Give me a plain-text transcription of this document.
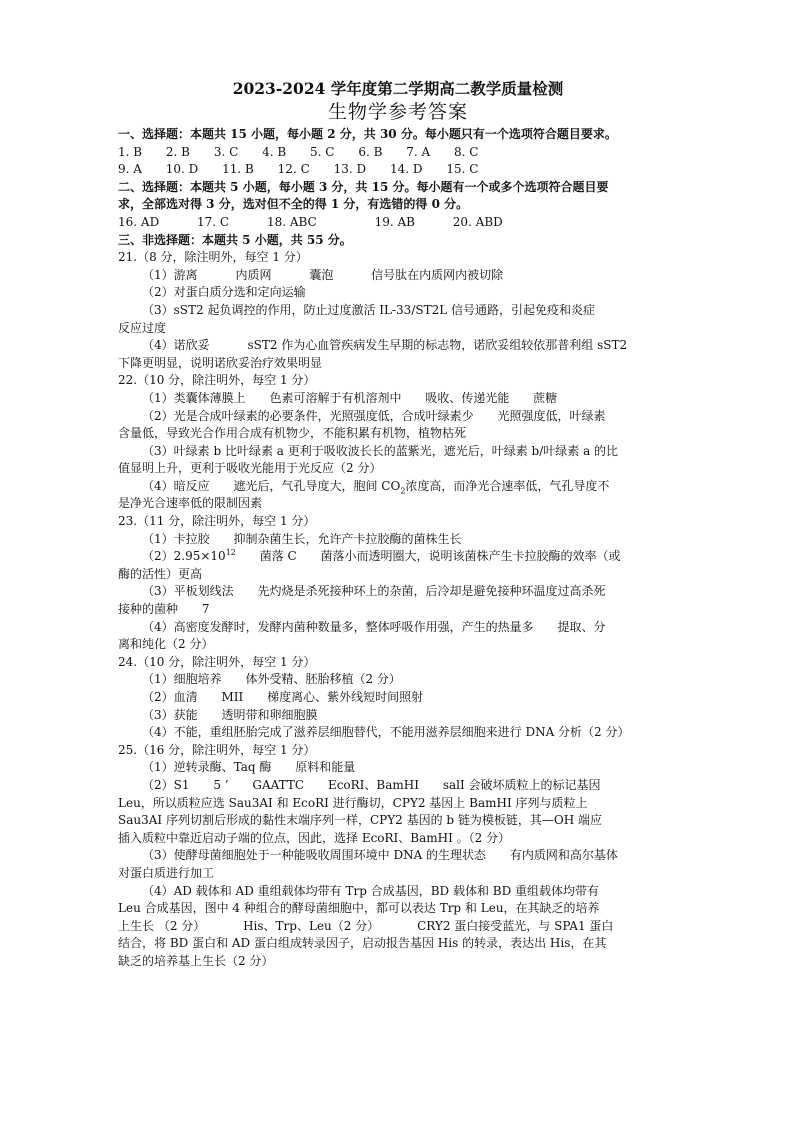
2023-2024 学年度第二学期高二教学质量检测

生物学参考答案

一、选择题：本题共 15 小题，每小题 2 分，共 30 分。每小题只有一个选项符合题目要求。

1. B 2. B 3. C 4. B 5. C 6. B 7. A 8. C

9. A 10. D 11. B 12. C 13. D 14. D 15. C

二、选择题：本题共 5 小题，每小题 3 分，共 15 分。每小题有一个或多个选项符合题目要

求，全部选对得 3 分，选对但不全的得 1 分，有选错的得 0 分。

16. AD	17. C	18. ABC	19. AB	20. ABD

三、非选择题：本题共 5 小题，共 55 分。

21.（8 分，除注明外，每空 1 分）

（1）游离	内质网	囊泡	信号肽在内质网内被切除

（2）对蛋白质分选和定向运输

（3）sST2 起负调控的作用，防止过度激活 IL-33/ST2L 信号通路，引起免疫和炎症

反应过度

（4）诺欣妥	sST2 作为心血管疾病发生早期的标志物，诺欣妥组较依那普利组 sST2

下降更明显，说明诺欣妥治疗效果明显

22.（10 分，除注明外，每空 1 分）

（1）类囊体薄膜上 色素可溶解于有机溶剂中 吸收、传递光能 蔗糖

（2）光是合成叶绿素的必要条件，光照强度低，合成叶绿素少 光照强度低，叶绿素

含量低，导致光合作用合成有机物少，不能积累有机物，植物枯死

（3）叶绿素 b 比叶绿素 a 更利于吸收波长长的蓝紫光，遮光后，叶绿素 b/叶绿素 a 的比

值显明上升，更利于吸收光能用于光反应（2 分）

（4）暗反应 遮光后，气孔导度大，胞间 $CO_2$浓度高，而净光合速率低，气孔导度不

是净光合速率低的限制因素

23.（11 分，除注明外，每空 1 分）

（1）卡拉胶 抑制杂菌生长，允许产卡拉胶酶的菌株生长

$(2)2.95\times 10^{12}$ 菌落 C 菌落小而透明圈大，说明该菌株产生卡拉胶酶的效率（或

酶的活性）更高

（3）平板划线法 先灼烧是杀死接种环上的杂菌，后冷却是避免接种环温度过高杀死

接种的菌种 7

（4）高密度发酵时，发酵内菌种数量多，整体呼吸作用强，产生的热量多 提取、分

离和纯化（2 分）

24.（10 分，除注明外，每空 1 分）

（1）细胞培养 体外受精、胚胎移植（2 分）

（2）血清 MII 梯度离心、紫外线短时间照射

（3）获能 透明带和卵细胞膜

（4）不能，重组胚胎完成了滋养层细胞替代，不能用滋养层细胞来进行 DNA 分析（2 分）

25.（16 分，除注明外，每空 1 分）

（1）逆转录酶、Taq 酶 原料和能量

（2）S1 5 ’ GAATTC EcoRI、BamHI salI 会破坏质粒上的标记基因

Leu，所以质粒应选 Sau3AI 和 EcoRI 进行酶切，CPY2 基因上 BamHI 序列与质粒上

Sau3AI 序列切割后形成的黏性末端序列一样，CPY2 基因的 b 链为模板链，其—OH 端应

插入质粒中靠近启动子端的位点，因此，选择 EcoRI、BamHI 。（2 分）

（3）使酵母菌细胞处于一种能吸收周围环境中 DNA 的生理状态 有内质网和高尔基体

对蛋白质进行加工

（4）AD 载体和 AD 重组载体均带有 Trp 合成基因，BD 载体和 BD 重组载体均带有

Leu 合成基因，图中 4 种组合的酵母菌细胞中，都可以表达 Trp 和 Leu，在其缺乏的培养

上生长 （2 分）	His、Trp、Leu（2 分）	CRY2 蛋白接受蓝光，与 SPA1 蛋白

结合，将 BD 蛋白和 AD 蛋白组成转录因子，启动报告基因 His 的转录，表达出 His，在其

缺乏的培养基上生长（2 分）
